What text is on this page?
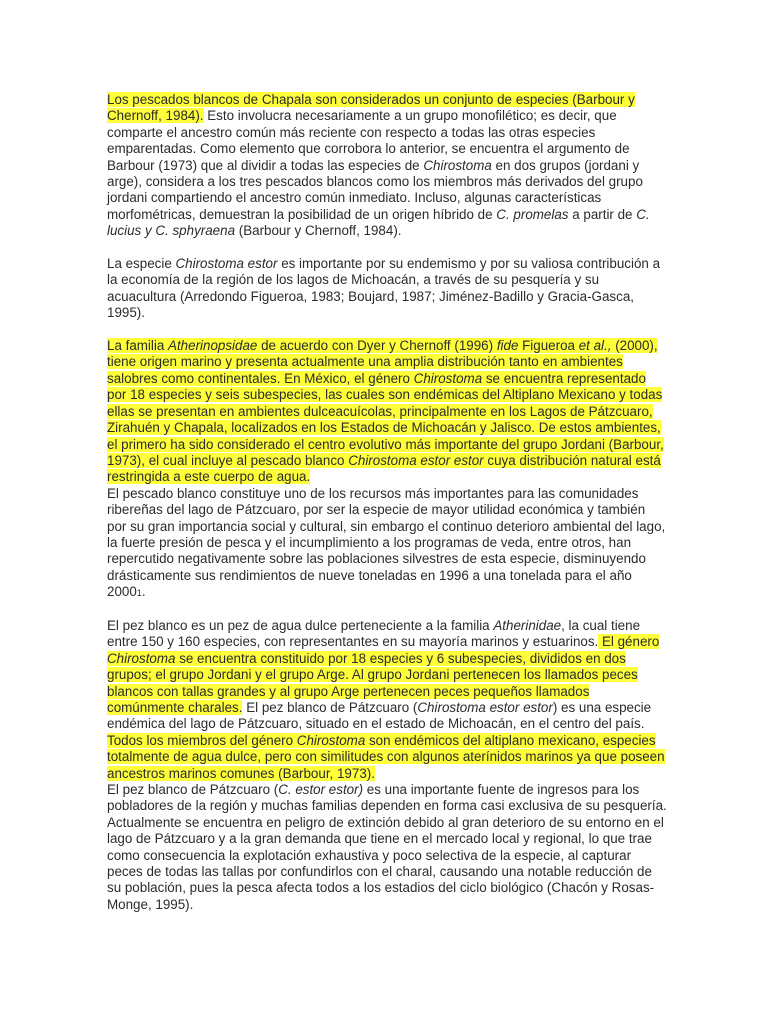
Los pescados blancos de Chapala son considerados un conjunto de especies (Barbour y Chernoff, 1984). Esto involucra necesariamente a un grupo monofilético; es decir, que comparte el ancestro común más reciente con respecto a todas las otras especies emparentadas. Como elemento que corrobora lo anterior, se encuentra el argumento de Barbour (1973) que al dividir a todas las especies de Chirostoma en dos grupos (jordani y arge), considera a los tres pescados blancos como los miembros más derivados del grupo jordani compartiendo el ancestro común inmediato. Incluso, algunas características morfométricas, demuestran la posibilidad de un origen híbrido de C. promelas a partir de C. lucius y C. sphyraena (Barbour y Chernoff, 1984).

La especie Chirostoma estor es importante por su endemismo y por su valiosa contribución a la economía de la región de los lagos de Michoacán, a través de su pesquería y su acuacultura (Arredondo Figueroa, 1983; Boujard, 1987; Jiménez-Badillo y Gracia-Gasca, 1995).

La familia Atherinopsidae de acuerdo con Dyer y Chernoff (1996) fide Figueroa et al., (2000), tiene origen marino y presenta actualmente una amplia distribución tanto en ambientes salobres como continentales. En México, el género Chirostoma se encuentra representado por 18 especies y seis subespecies, las cuales son endémicas del Altiplano Mexicano y todas ellas se presentan en ambientes dulceacuícolas, principalmente en los Lagos de Pátzcuaro, Zirahuén y Chapala, localizados en los Estados de Michoacán y Jalisco. De estos ambientes, el primero ha sido considerado el centro evolutivo más importante del grupo Jordani (Barbour, 1973), el cual incluye al pescado blanco Chirostoma estor estor cuya distribución natural está restringida a este cuerpo de agua.

El pescado blanco constituye uno de los recursos más importantes para las comunidades ribereñas del lago de Pátzcuaro, por ser la especie de mayor utilidad económica y también por su gran importancia social y cultural, sin embargo el continuo deterioro ambiental del lago, la fuerte presión de pesca y el incumplimiento a los programas de veda, entre otros, han repercutido negativamente sobre las poblaciones silvestres de esta especie, disminuyendo drásticamente sus rendimientos de nueve toneladas en 1996 a una tonelada para el año 20001.

El pez blanco es un pez de agua dulce perteneciente a la familia Atherinidae, la cual tiene entre 150 y 160 especies, con representantes en su mayoría marinos y estuarinos. El género Chirostoma se encuentra constituido por 18 especies y 6 subespecies, divididos en dos grupos; el grupo Jordani y el grupo Arge. Al grupo Jordani pertenecen los llamados peces blancos con tallas grandes y al grupo Arge pertenecen peces pequeños llamados comúnmente charales. El pez blanco de Pátzcuaro (Chirostoma estor estor) es una especie endémica del lago de Pátzcuaro, situado en el estado de Michoacán, en el centro del país. Todos los miembros del género Chirostoma son endémicos del altiplano mexicano, especies totalmente de agua dulce, pero con similitudes con algunos aterínidos marinos ya que poseen ancestros marinos comunes (Barbour, 1973).

El pez blanco de Pátzcuaro (C. estor estor) es una importante fuente de ingresos para los pobladores de la región y muchas familias dependen en forma casi exclusiva de su pesquería. Actualmente se encuentra en peligro de extinción debido al gran deterioro de su entorno en el lago de Pátzcuaro y a la gran demanda que tiene en el mercado local y regional, lo que trae como consecuencia la explotación exhaustiva y poco selectiva de la especie, al capturar peces de todas las tallas por confundirlos con el charal, causando una notable reducción de su población, pues la pesca afecta todos a los estadios del ciclo biológico (Chacón y Rosas-Monge, 1995).
